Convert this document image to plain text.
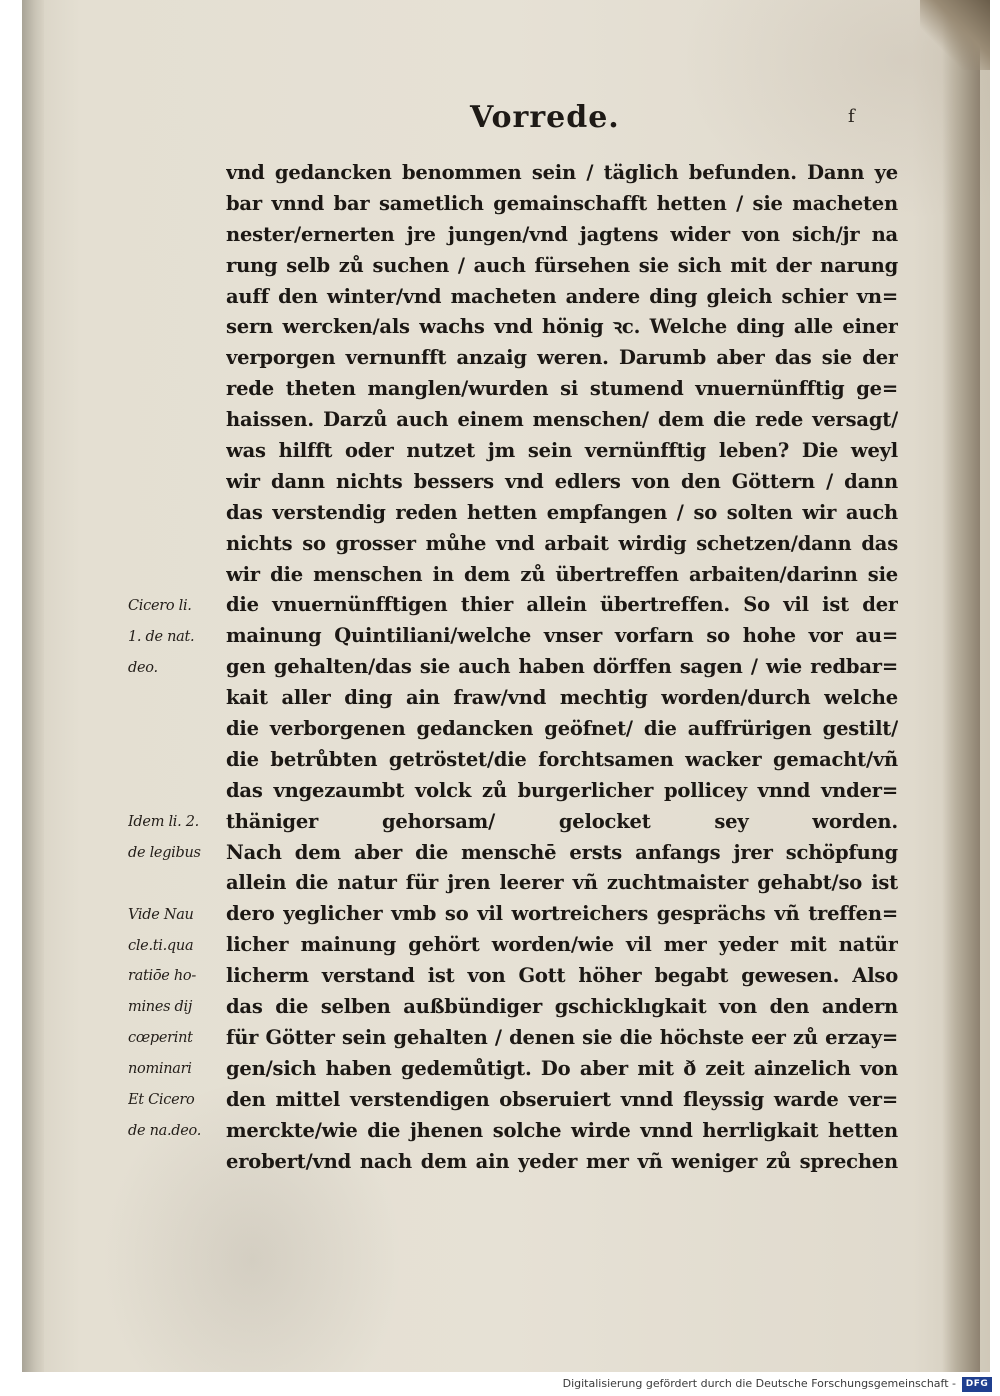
Vorrede.	f
vnd gedancken benommen sein / täglich befunden. Dann ye
bar vnnd bar sametlich gemainschafft hetten / sie macheten
nester/ernerten jre jungen/vnd jagtens wider von sich/jr na
rung selb zů suchen / auch fürsehen sie sich mit der narung
auff den winter/vnd macheten andere ding gleich schier vn=
sern wercken/als wachs vnd hönig ꝛc. Welche ding alle einer
verporgen vernunfft anzaig weren. Darumb aber das sie der
rede theten manglen/wurden si stumend vnuernünfftig ge=
haissen. Darzů auch einem menschen/ dem die rede versagt/
was hilfft oder nutzet jm sein vernünfftig leben? Die weyl
wir dann nichts bessers vnd edlers von den Göttern / dann
das verstendig reden hetten empfangen / so solten wir auch
nichts so grosser můhe vnd arbait wirdig schetzen/dann das
wir die menschen in dem zů übertreffen arbaiten/darinn sie
die vnuernünfftigen thier allein übertreffen. So vil ist der
mainung Quintiliani/welche vnser vorfarn so hohe vor au=
gen gehalten/das sie auch haben dörffen sagen / wie redbar=
kait aller ding ain fraw/vnd mechtig worden/durch welche
die verborgenen gedancken geöfnet/ die auffrürigen gestilt/
die betrůbten getröstet/die forchtsamen wacker gemacht/vñ
das vngezaumbt volck zů burgerlicher pollicey vnnd vnder=
thäniger gehorsam/ gelocket sey worden.
Nach dem aber die menschē ersts anfangs jrer schöpfung
allein die natur für jren leerer vñ zuchtmaister gehabt/so ist
dero yeglicher vmb so vil wortreichers gesprächs vñ treffen=
licher mainung gehört worden/wie vil mer yeder mit natür
licherm verstand ist von Gott höher begabt gewesen. Also
das die selben außbündiger gschicklıgkait von den andern
für Götter sein gehalten / denen sie die höchste eer zů erzay=
gen/sich haben gedemůtigt. Do aber mit ð zeit ainzelich von
den mittel verstendigen obseruiert vnnd fleyssig warde ver=
merckte/wie die jhenen solche wirde vnnd herrligkait hetten
erobert/vnd nach dem ain yeder mer vñ weniger zů sprechen
Cicero li.
1. de nat.
deo.
Idem li. 2.
de legibus
Vide Nau
cle.ti.qua
ratiōe ho-
mines dij
cœperint
nominari
Et Cicero
de na.deo.
Digitalisierung gefördert durch die Deutsche Forschungsgemeinschaft -	DFG
